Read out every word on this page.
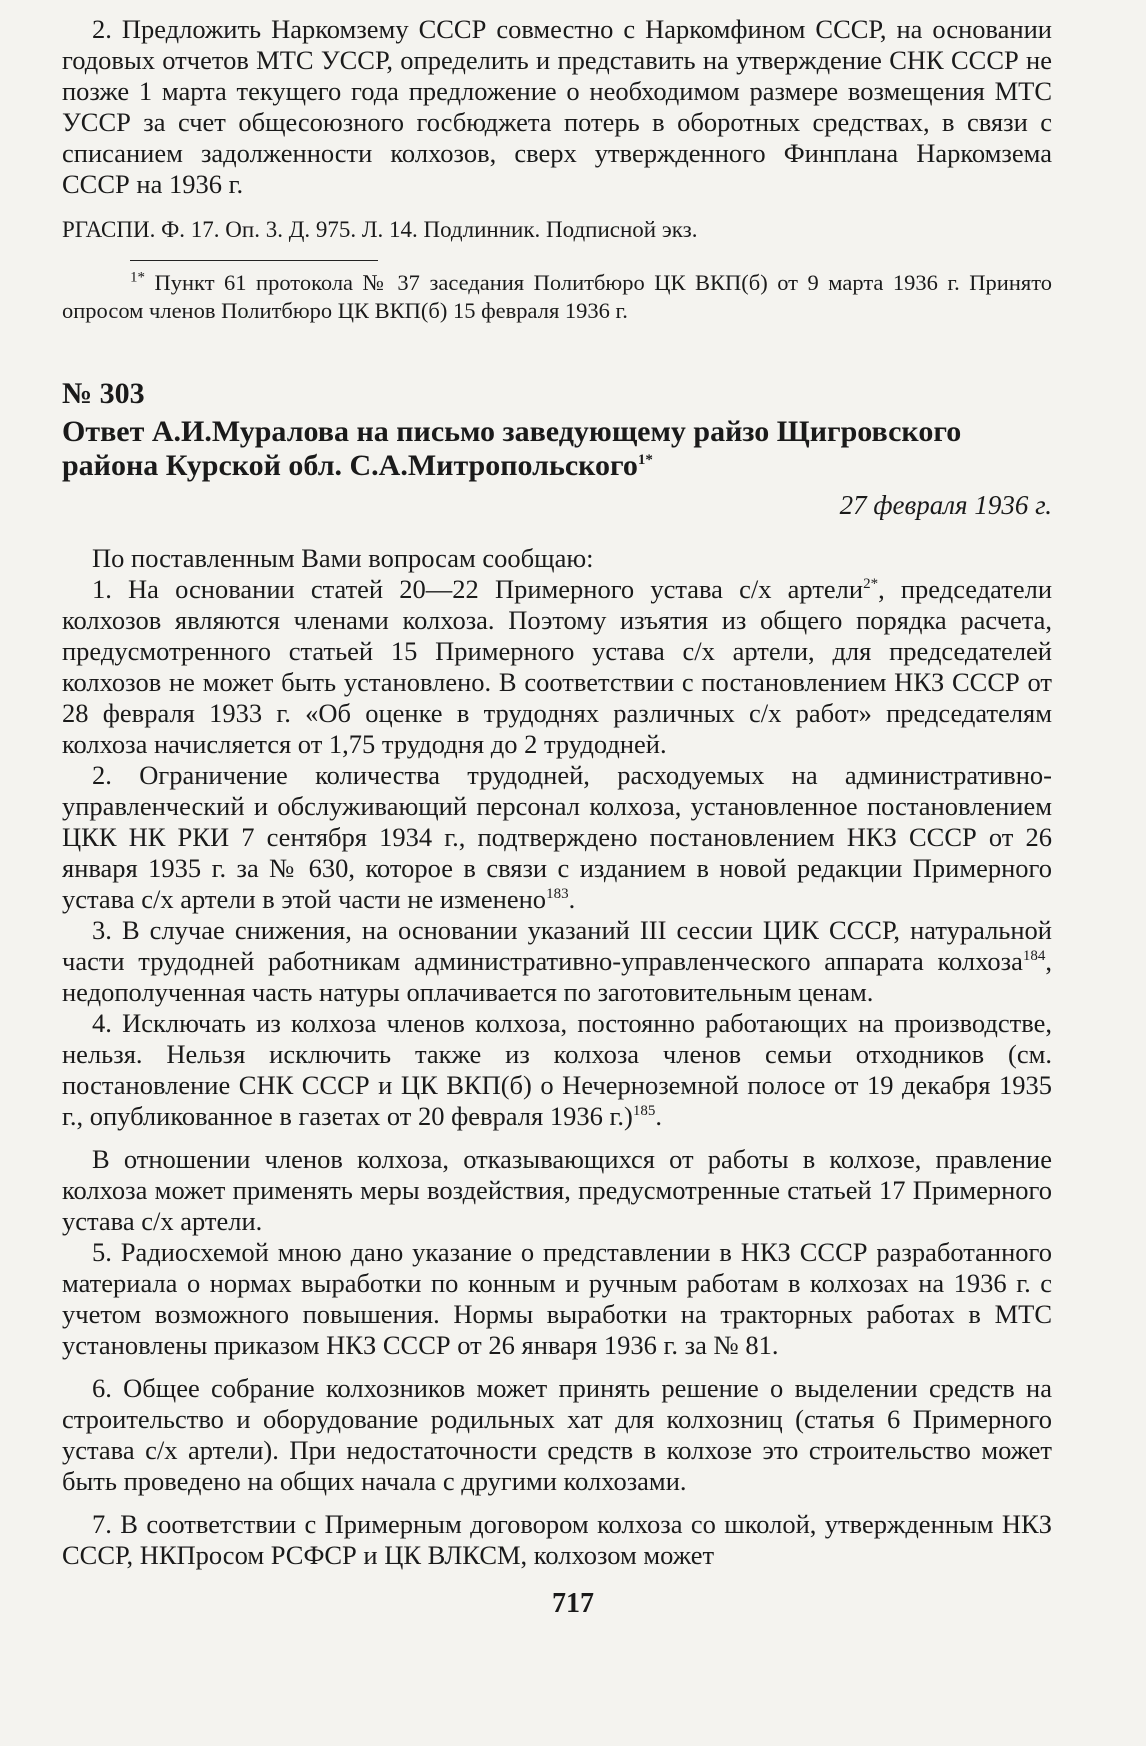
2. Предложить Наркомзему СССР совместно с Наркомфином СССР, на основании годовых отчетов МТС УССР, определить и представить на утверждение СНК СССР не позже 1 марта текущего года предложение о необходимом размере возмещения МТС УССР за счет общесоюзного госбюджета потерь в оборотных средствах, в связи с списанием задолженности колхозов, сверх утвержденного Финплана Наркомзема СССР на 1936 г.

РГАСПИ. Ф. 17. Оп. 3. Д. 975. Л. 14. Подлинник. Подписной экз.

$^{1*}$ Пункт 61 протокола № 37 заседания Политбюро ЦК ВКП(б) от 9 марта 1936 г. Принято опросом членов Политбюро ЦК ВКП(б) 15 февраля 1936 г.

№ 303
Ответ А.И.Муралова на письмо заведующему райзо Щигровского района Курской обл. С.А.Митропольского$^{1*}$
27 февраля 1936 г.

По поставленным Вами вопросам сообщаю:

1. На основании статей 20—22 Примерного устава с/х артели$^{2*}$, председатели колхозов являются членами колхоза. Поэтому изъятия из общего порядка расчета, предусмотренного статьей 15 Примерного устава с/х артели, для председателей колхозов не может быть установлено. В соответствии с постановлением НКЗ СССР от 28 февраля 1933 г. «Об оценке в трудоднях различных с/х работ» председателям колхоза начисляется от 1,75 трудодня до 2 трудодней.

2. Ограничение количества трудодней, расходуемых на административно-управленческий и обслуживающий персонал колхоза, установленное постановлением ЦКК НК РКИ 7 сентября 1934 г., подтверждено постановлением НКЗ СССР от 26 января 1935 г. за № 630, которое в связи с изданием в новой редакции Примерного устава с/х артели в этой части не изменено$^{183}$.

3. В случае снижения, на основании указаний III сессии ЦИК СССР, натуральной части трудодней работникам административно-управленческого аппарата колхоза$^{184}$, недополученная часть натуры оплачивается по заготовительным ценам.

4. Исключать из колхоза членов колхоза, постоянно работающих на производстве, нельзя. Нельзя исключить также из колхоза членов семьи отходников (см. постановление СНК СССР и ЦК ВКП(б) о Нечерноземной полосе от 19 декабря 1935 г., опубликованное в газетах от 20 февраля 1936 г.)$^{185}$.

В отношении членов колхоза, отказывающихся от работы в колхозе, правление колхоза может применять меры воздействия, предусмотренные статьей 17 Примерного устава с/х артели.

5. Радиосхемой мною дано указание о представлении в НКЗ СССР разработанного материала о нормах выработки по конным и ручным работам в колхозах на 1936 г. с учетом возможного повышения. Нормы выработки на тракторных работах в МТС установлены приказом НКЗ СССР от 26 января 1936 г. за № 81.

6. Общее собрание колхозников может принять решение о выделении средств на строительство и оборудование родильных хат для колхозниц (статья 6 Примерного устава с/х артели). При недостаточности средств в колхозе это строительство может быть проведено на общих начала с другими колхозами.

7. В соответствии с Примерным договором колхоза со школой, утвержденным НКЗ СССР, НКПросом РСФСР и ЦК ВЛКСМ, колхозом может

717
